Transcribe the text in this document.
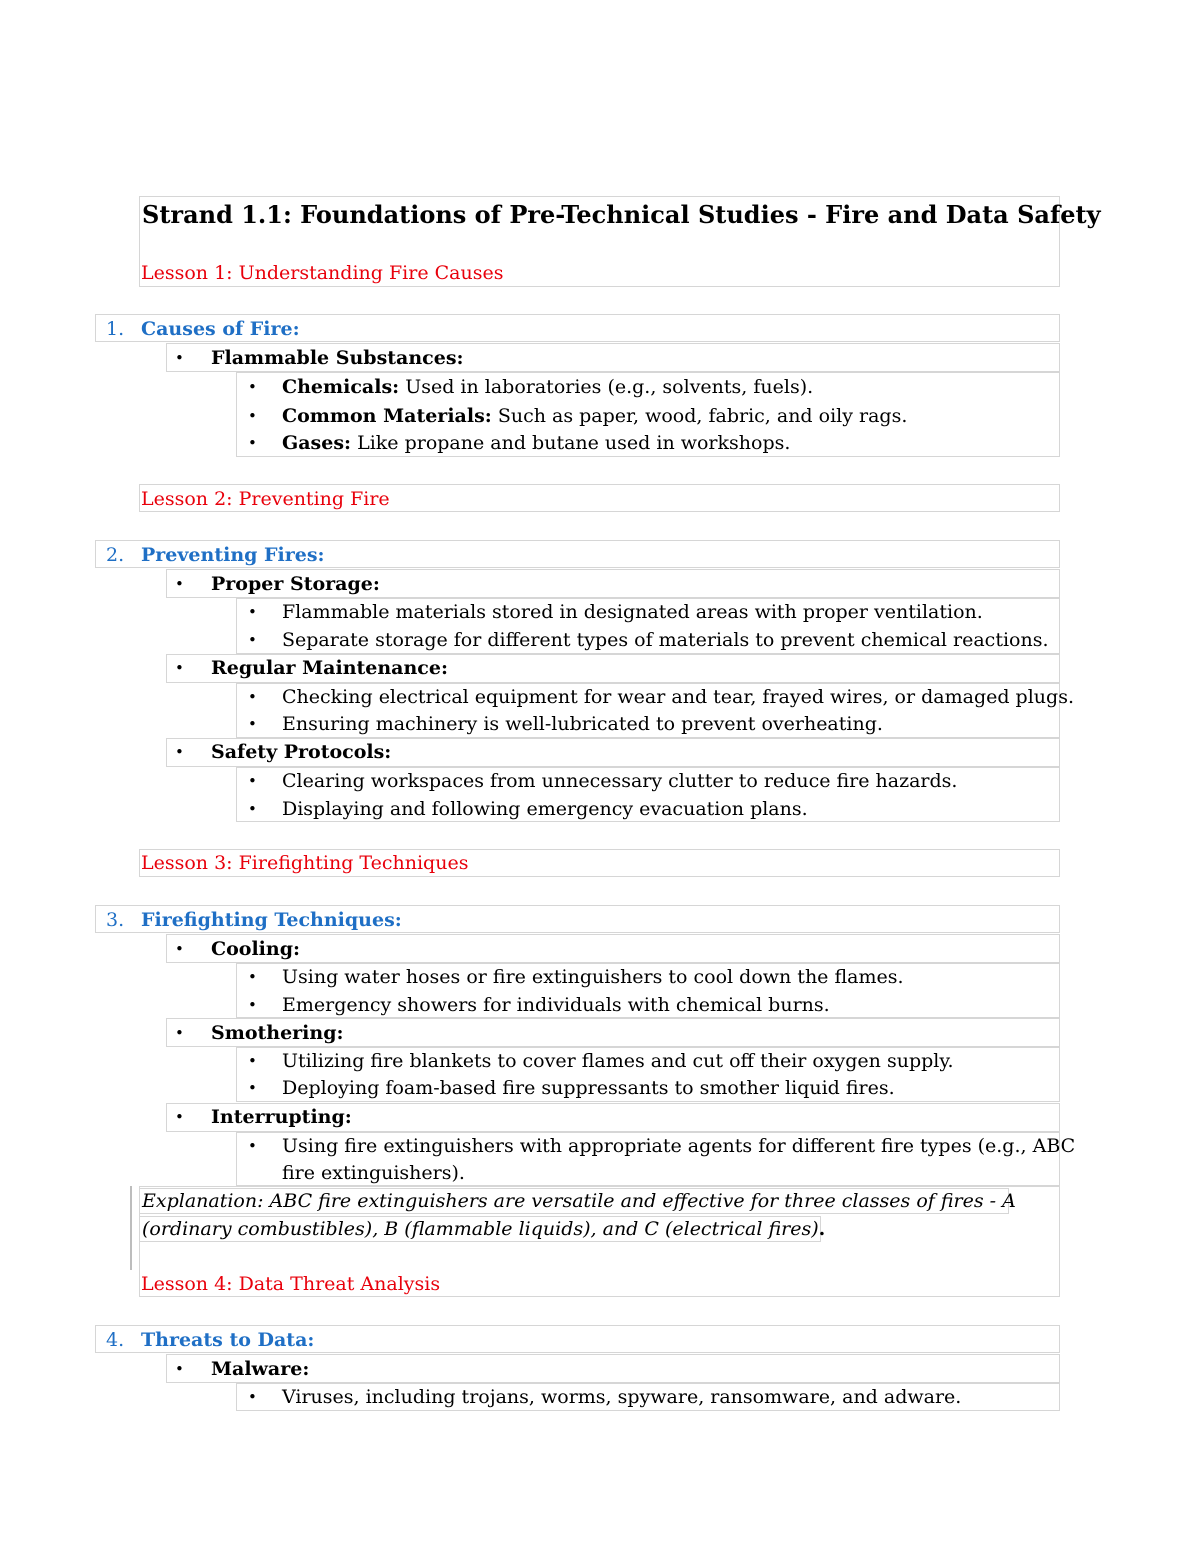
Strand 1.1: Foundations of Pre-Technical Studies - Fire and Data Safety
Lesson 1: Understanding Fire Causes
1. Causes of Fire:
• Flammable Substances:
• Chemicals: Used in laboratories (e.g., solvents, fuels).
• Common Materials: Such as paper, wood, fabric, and oily rags.
• Gases: Like propane and butane used in workshops.
Lesson 2: Preventing Fire
2. Preventing Fires:
• Proper Storage:
• Flammable materials stored in designated areas with proper ventilation.
• Separate storage for different types of materials to prevent chemical reactions.
• Regular Maintenance:
• Checking electrical equipment for wear and tear, frayed wires, or damaged plugs.
• Ensuring machinery is well-lubricated to prevent overheating.
• Safety Protocols:
• Clearing workspaces from unnecessary clutter to reduce fire hazards.
• Displaying and following emergency evacuation plans.
Lesson 3: Firefighting Techniques
3. Firefighting Techniques:
• Cooling:
• Using water hoses or fire extinguishers to cool down the flames.
• Emergency showers for individuals with chemical burns.
• Smothering:
• Utilizing fire blankets to cover flames and cut off their oxygen supply.
• Deploying foam-based fire suppressants to smother liquid fires.
• Interrupting:
• Using fire extinguishers with appropriate agents for different fire types (e.g., ABC
fire extinguishers).
Explanation: ABC fire extinguishers are versatile and effective for three classes of fires - A
(ordinary combustibles), B (flammable liquids), and C (electrical fires).
Lesson 4: Data Threat Analysis
4. Threats to Data:
• Malware:
• Viruses, including trojans, worms, spyware, ransomware, and adware.
